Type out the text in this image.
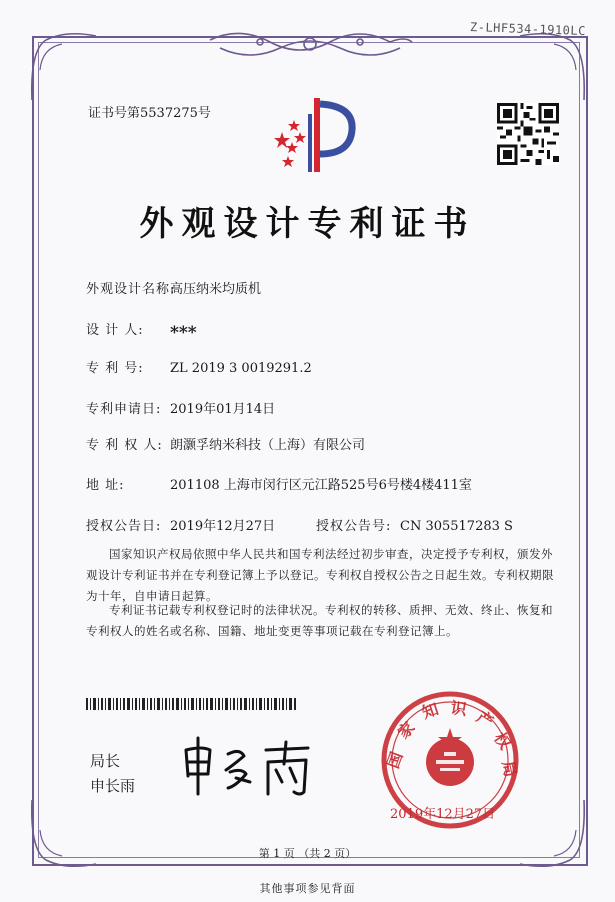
Z-LHF534-1910LC
证书号第5537275号
外观设计专利证书
外观设计名称:高压纳米均质机
设 计 人: ***
专 利 号: ZL 2019 3 0019291.2
专利申请日: 2019年01月14日
专 利 权 人: 朗灏孚纳米科技（上海）有限公司
地 址:	201108 上海市闵行区元江路525号6号楼4楼411室
授权公告日: 2019年12月27日	授权公告号: CN 305517283 S
国家知识产权局依照中华人民共和国专利法经过初步审查，决定授予专利权，颁发外观设计专利证书并在专利登记簿上予以登记。专利权自授权公告之日起生效。专利权期限为十年，自申请日起算。
专利证书记载专利权登记时的法律状况。专利权的转移、质押、无效、终止、恢复和专利权人的姓名或名称、国籍、地址变更等事项记载在专利登记簿上。
局长
申长雨
国
家
知 识 产
权
局
2019年12月27日
第 1 页 （共 2 页）
其他事项参见背面
